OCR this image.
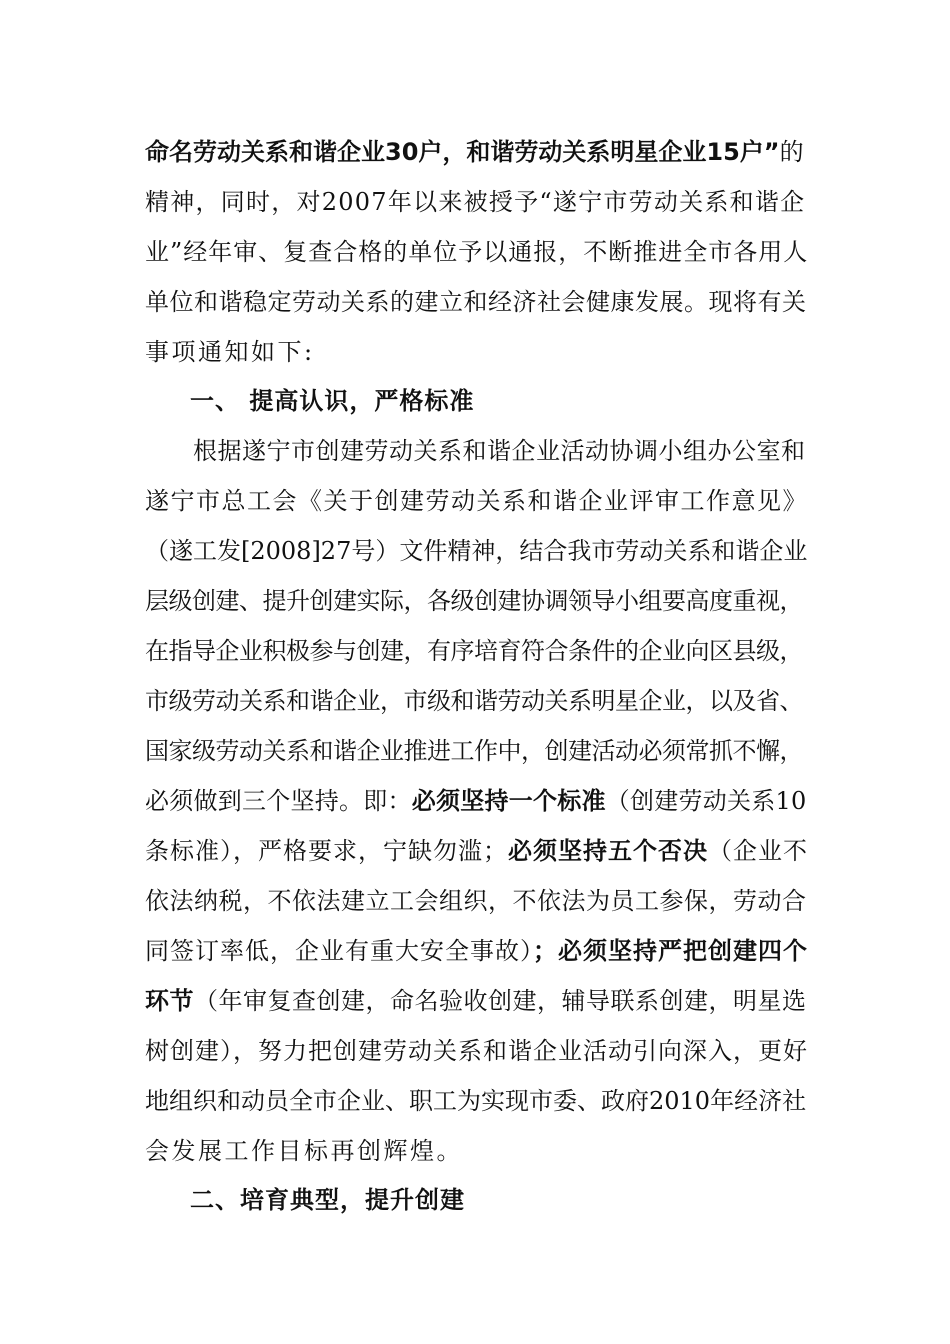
命名劳动关系和谐企业30户，和谐劳动关系明星企业15户”的
精神，同时，对2007年以来被授予“遂宁市劳动关系和谐企
业”经年审、复查合格的单位予以通报，不断推进全市各用人
单位和谐稳定劳动关系的建立和经济社会健康发展。现将有关
事项通知如下:
一、 提高认识，严格标准
根据遂宁市创建劳动关系和谐企业活动协调小组办公室和
遂宁市总工会《关于创建劳动关系和谐企业评审工作意见》
（遂工发[2008]27号）文件精神，结合我市劳动关系和谐企业
层级创建、提升创建实际，各级创建协调领导小组要高度重视，
在指导企业积极参与创建，有序培育符合条件的企业向区县级，
市级劳动关系和谐企业，市级和谐劳动关系明星企业，以及省、
国家级劳动关系和谐企业推进工作中，创建活动必须常抓不懈，
必须做到三个坚持。即：必须坚持一个标准（创建劳动关系10
条标准），严格要求，宁缺勿滥；必须坚持五个否决（企业不
依法纳税，不依法建立工会组织，不依法为员工参保，劳动合
同签订率低，企业有重大安全事故）；必须坚持严把创建四个
环节（年审复查创建，命名验收创建，辅导联系创建，明星选
树创建），努力把创建劳动关系和谐企业活动引向深入，更好
地组织和动员全市企业、职工为实现市委、政府2010年经济社
会发展工作目标再创辉煌。
二、培育典型，提升创建
